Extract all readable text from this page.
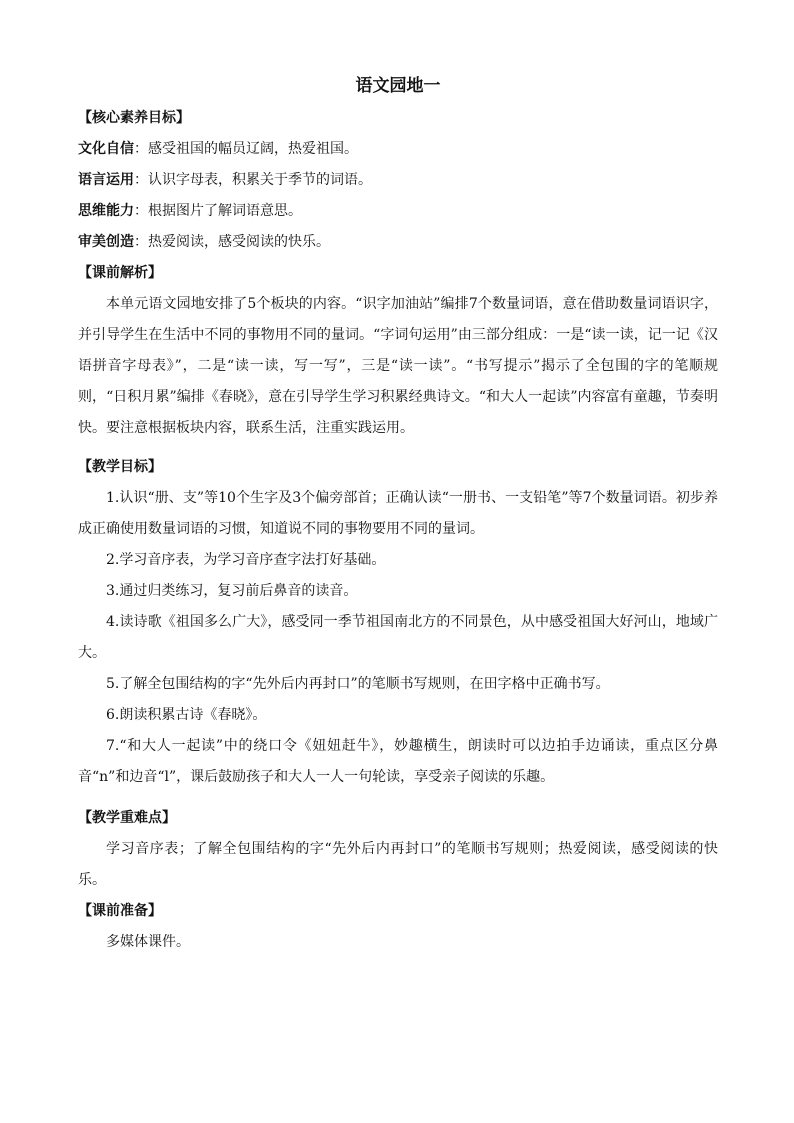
语文园地一
【核心素养目标】
文化自信：感受祖国的幅员辽阔，热爱祖国。
语言运用：认识字母表，积累关于季节的词语。
思维能力：根据图片了解词语意思。
审美创造：热爱阅读，感受阅读的快乐。
【课前解析】
本单元语文园地安排了5个板块的内容。“识字加油站”编排7个数量词语，意在借助数量词语识字，并引导学生在生活中不同的事物用不同的量词。“字词句运用”由三部分组成：一是“读一读，记一记《汉语拼音字母表》”，二是“读一读，写一写”，三是“读一读”。“书写提示”揭示了全包围的字的笔顺规则，“日积月累”编排《春晓》，意在引导学生学习积累经典诗文。“和大人一起读”内容富有童趣，节奏明快。要注意根据板块内容，联系生活，注重实践运用。
【教学目标】
1.认识“册、支”等10个生字及3个偏旁部首；正确认读“一册书、一支铅笔”等7个数量词语。初步养成正确使用数量词语的习惯，知道说不同的事物要用不同的量词。
2.学习音序表，为学习音序查字法打好基础。
3.通过归类练习，复习前后鼻音的读音。
4.读诗歌《祖国多么广大》，感受同一季节祖国南北方的不同景色，从中感受祖国大好河山，地域广大。
5.了解全包围结构的字“先外后内再封口”的笔顺书写规则，在田字格中正确书写。
6.朗读积累古诗《春晓》。
7.“和大人一起读”中的绕口令《妞妞赶牛》，妙趣横生，朗读时可以边拍手边诵读，重点区分鼻音“n”和边音“l”，课后鼓励孩子和大人一人一句轮读，享受亲子阅读的乐趣。
【教学重难点】
学习音序表；了解全包围结构的字“先外后内再封口”的笔顺书写规则；热爱阅读，感受阅读的快乐。
【课前准备】
多媒体课件。
